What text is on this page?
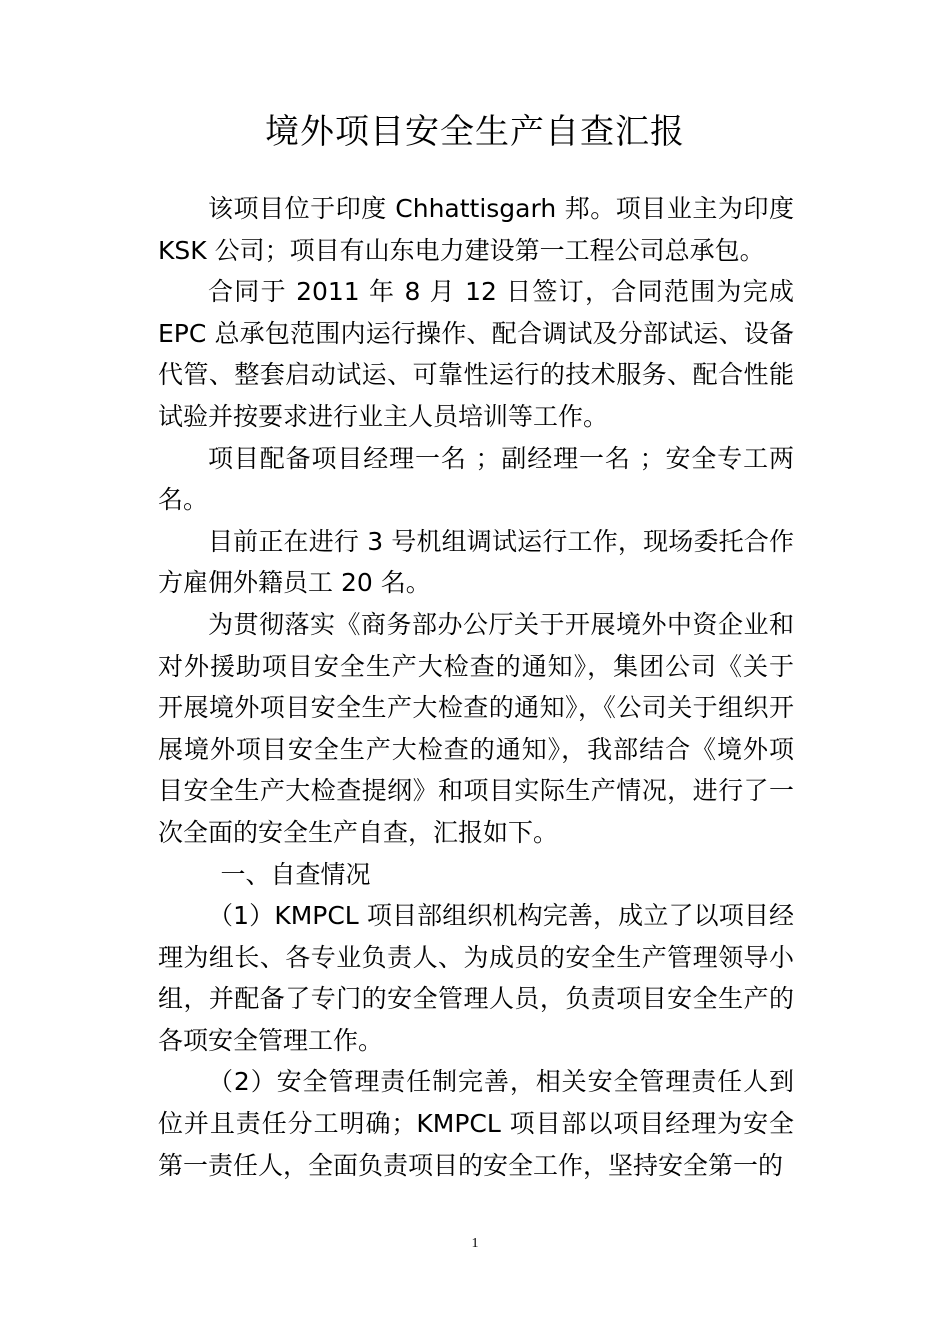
境外项目安全生产自查汇报

该项目位于印度 Chhattisgarh 邦。项目业主为印度 KSK 公司；项目有山东电力建设第一工程公司总承包。

合同于 2011 年 8 月 12 日签订，合同范围为完成 EPC 总承包范围内运行操作、配合调试及分部试运、设备代管、整套启动试运、可靠性运行的技术服务、配合性能试验并按要求进行业主人员培训等工作。

项目配备项目经理一名 ；副经理一名 ；安全专工两名。

目前正在进行 3 号机组调试运行工作，现场委托合作方雇佣外籍员工 20 名。

为贯彻落实《商务部办公厅关于开展境外中资企业和对外援助项目安全生产大检查的通知》，集团公司《关于开展境外项目安全生产大检查的通知》，《公司关于组织开展境外项目安全生产大检查的通知》，我部结合《境外项目安全生产大检查提纲》和项目实际生产情况，进行了一次全面的安全生产自查，汇报如下。

一、自查情况

（1）KMPCL 项目部组织机构完善，成立了以项目经理为组长、各专业负责人、为成员的安全生产管理领导小组，并配备了专门的安全管理人员，负责项目安全生产的各项安全管理工作。

（2）安全管理责任制完善，相关安全管理责任人到位并且责任分工明确；KMPCL 项目部以项目经理为安全第一责任人，全面负责项目的安全工作，坚持安全第一的

1
